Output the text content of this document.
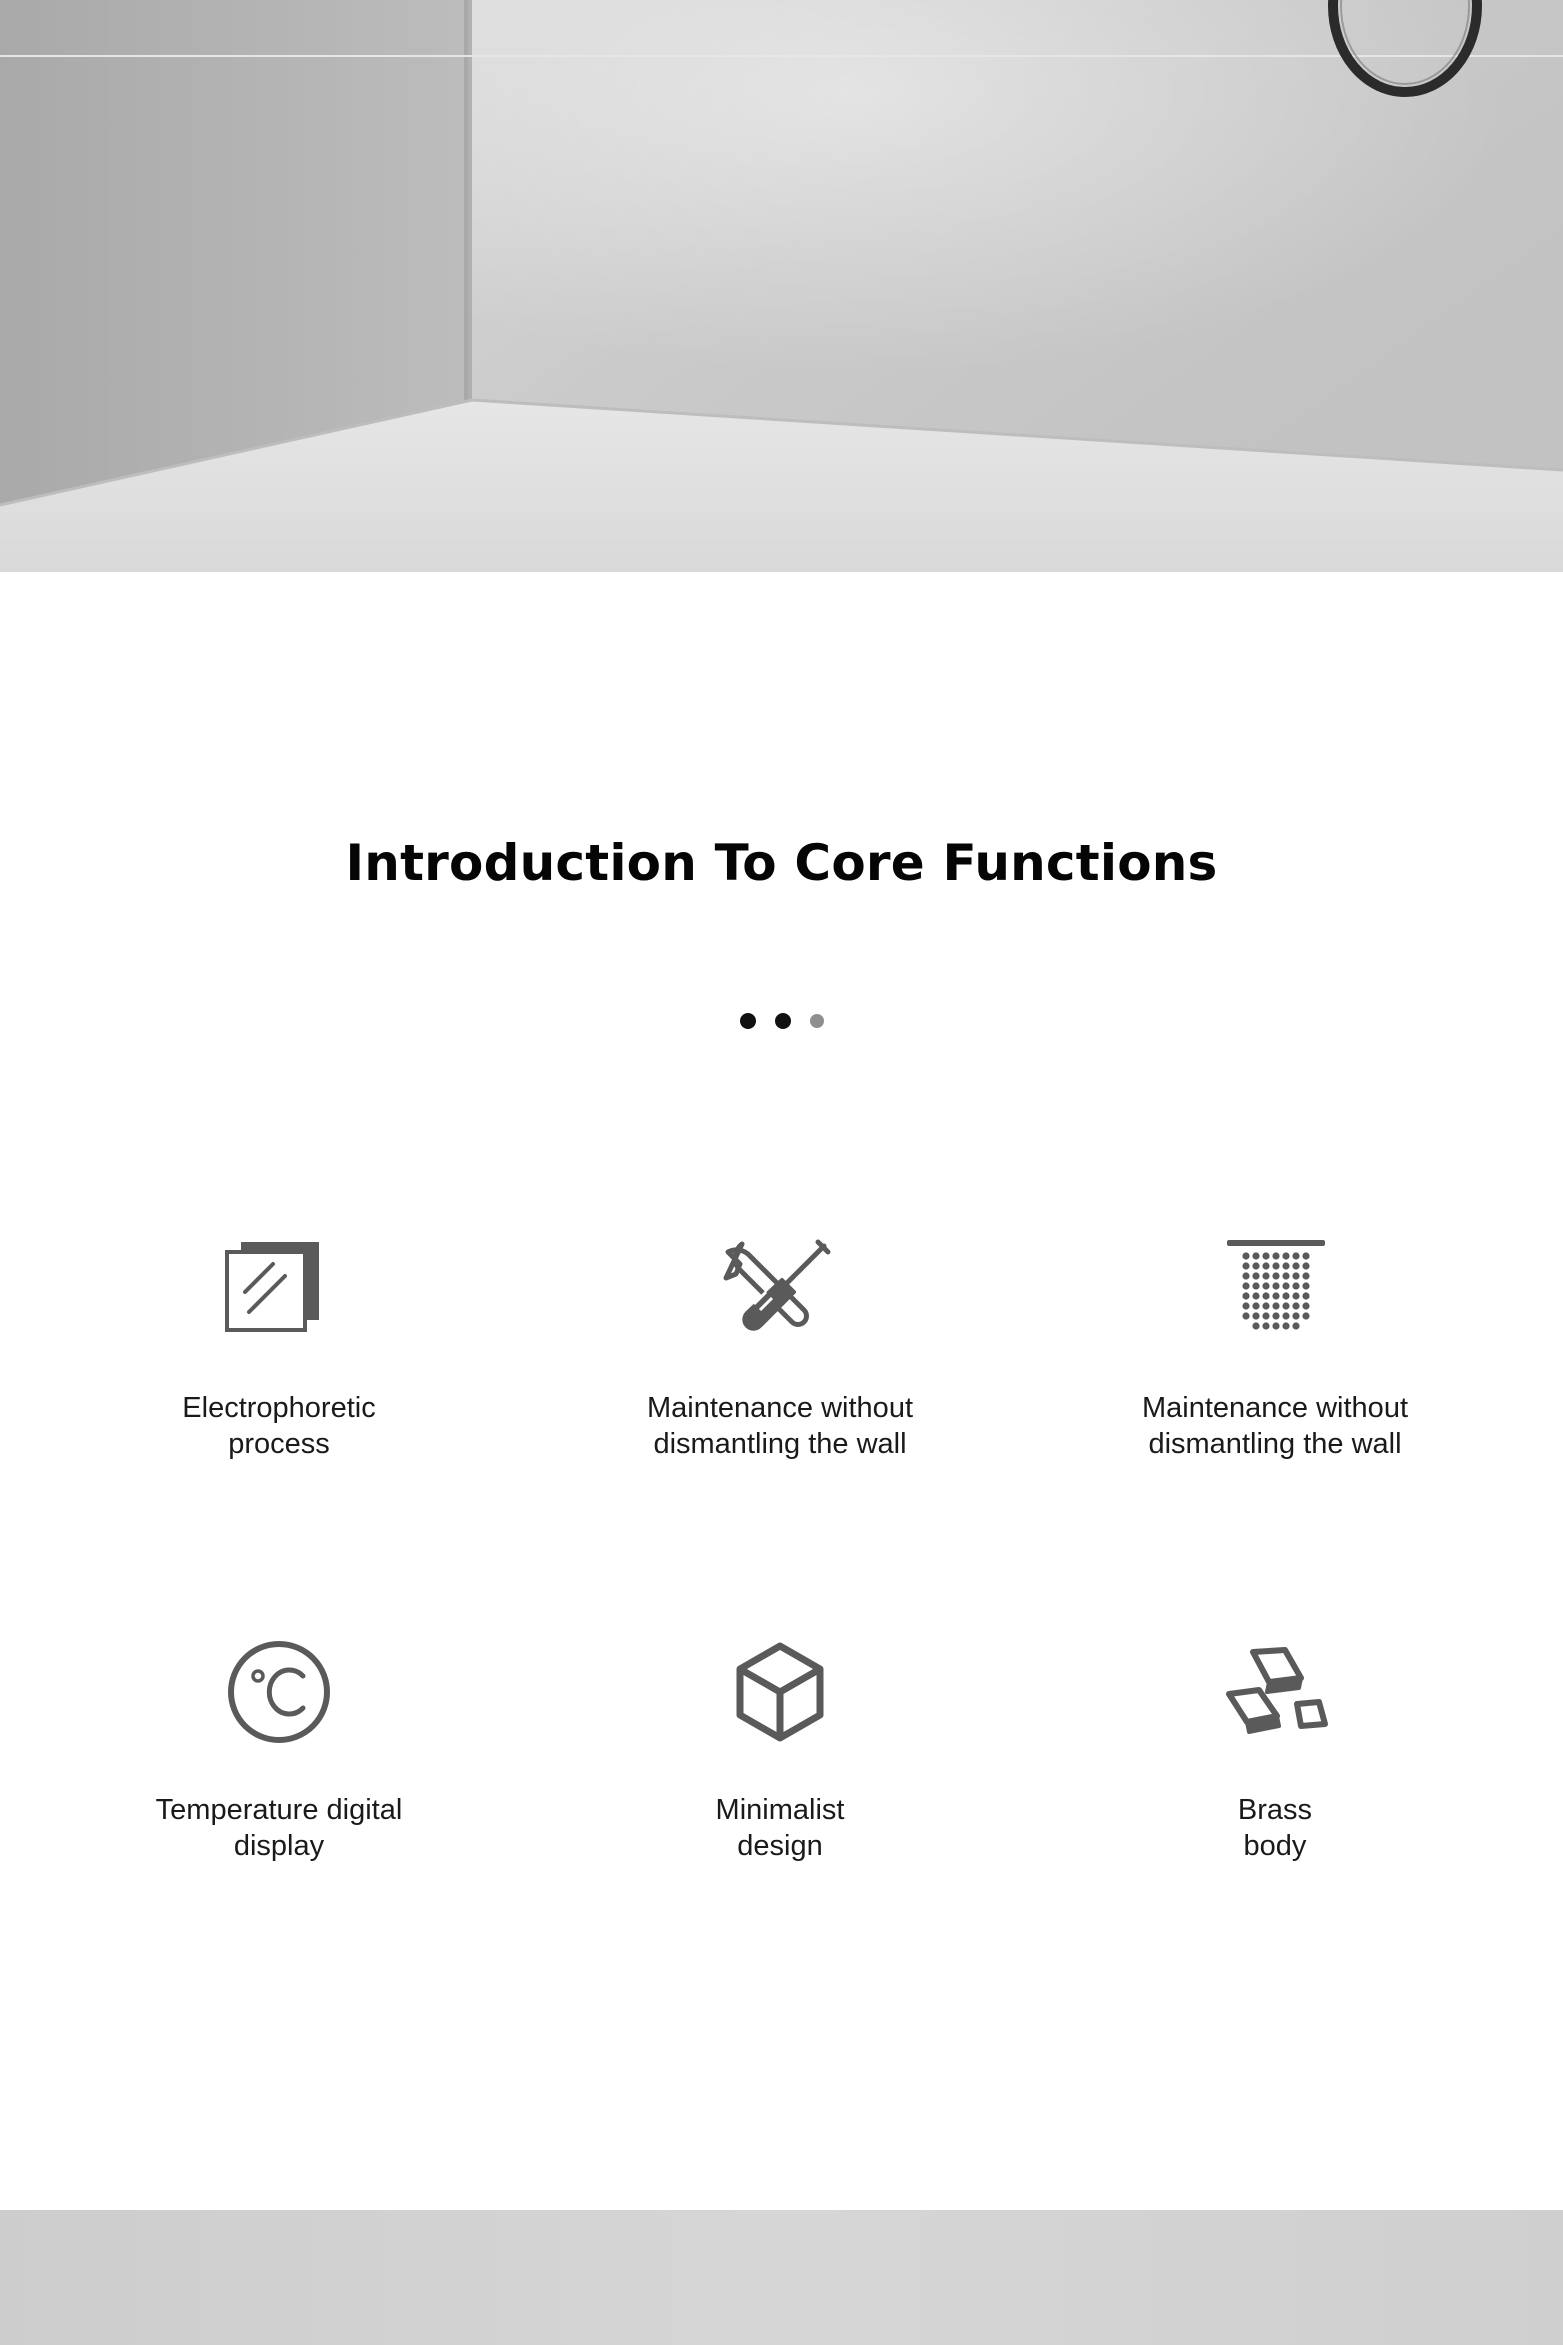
Introduction To Core Functions
Electrophoretic
process
Maintenance without
dismantling the wall
Maintenance without
dismantling the wall
Temperature digital
display
Minimalist
design
Brass
body
